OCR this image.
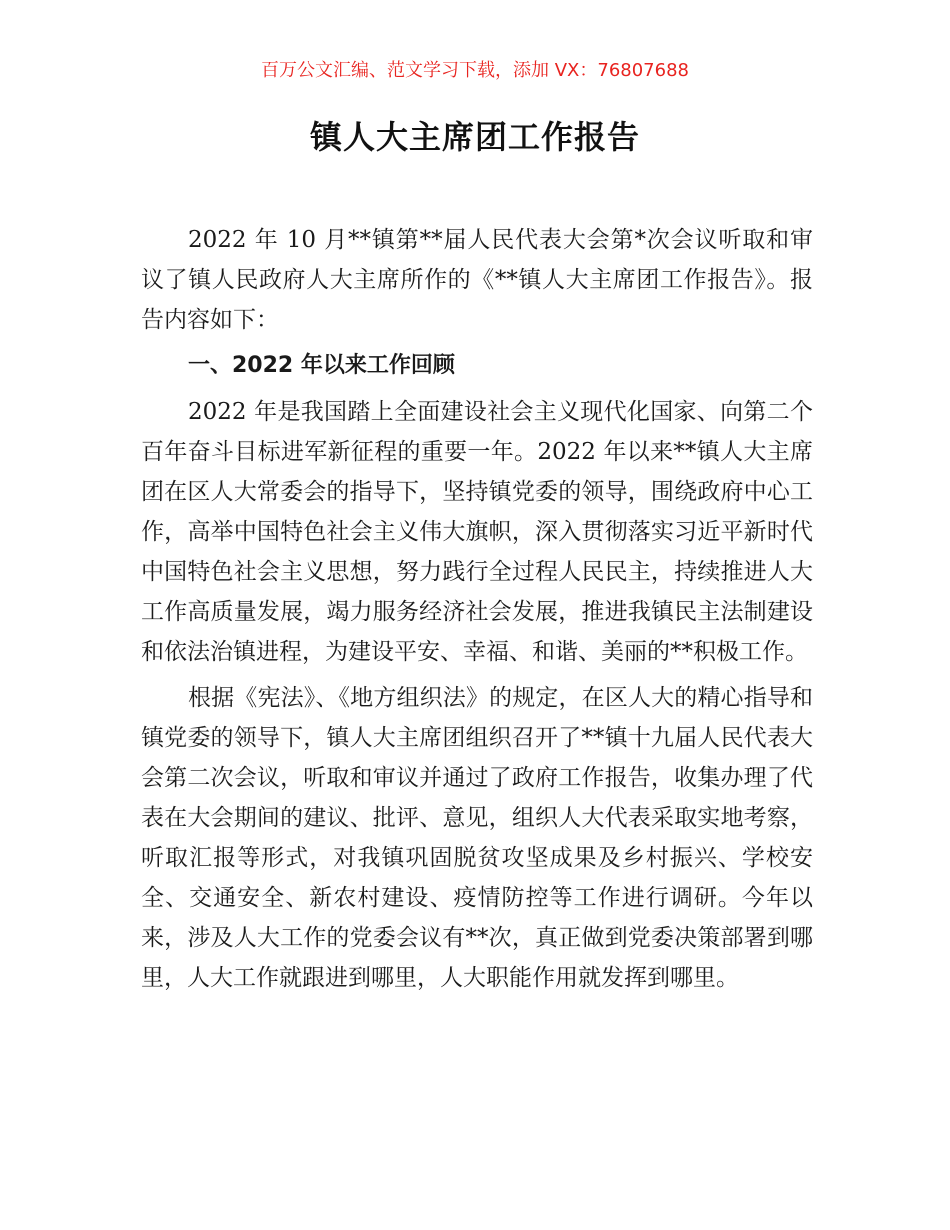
百万公文汇编、范文学习下载，添加 VX：76807688
镇人大主席团工作报告

2022 年 10 月**镇第**届人民代表大会第*次会议听取和审议了镇人民政府人大主席所作的《**镇人大主席团工作报告》。报告内容如下：

一、2022 年以来工作回顾

2022 年是我国踏上全面建设社会主义现代化国家、向第二个百年奋斗目标进军新征程的重要一年。2022 年以来**镇人大主席团在区人大常委会的指导下，坚持镇党委的领导，围绕政府中心工作，高举中国特色社会主义伟大旗帜，深入贯彻落实习近平新时代中国特色社会主义思想，努力践行全过程人民民主，持续推进人大工作高质量发展，竭力服务经济社会发展，推进我镇民主法制建设和依法治镇进程，为建设平安、幸福、和谐、美丽的**积极工作。

根据《宪法》、《地方组织法》的规定，在区人大的精心指导和镇党委的领导下，镇人大主席团组织召开了**镇十九届人民代表大会第二次会议，听取和审议并通过了政府工作报告，收集办理了代表在大会期间的建议、批评、意见，组织人大代表采取实地考察，听取汇报等形式，对我镇巩固脱贫攻坚成果及乡村振兴、学校安全、交通安全、新农村建设、疫情防控等工作进行调研。今年以来，涉及人大工作的党委会议有**次，真正做到党委决策部署到哪里，人大工作就跟进到哪里，人大职能作用就发挥到哪里。
